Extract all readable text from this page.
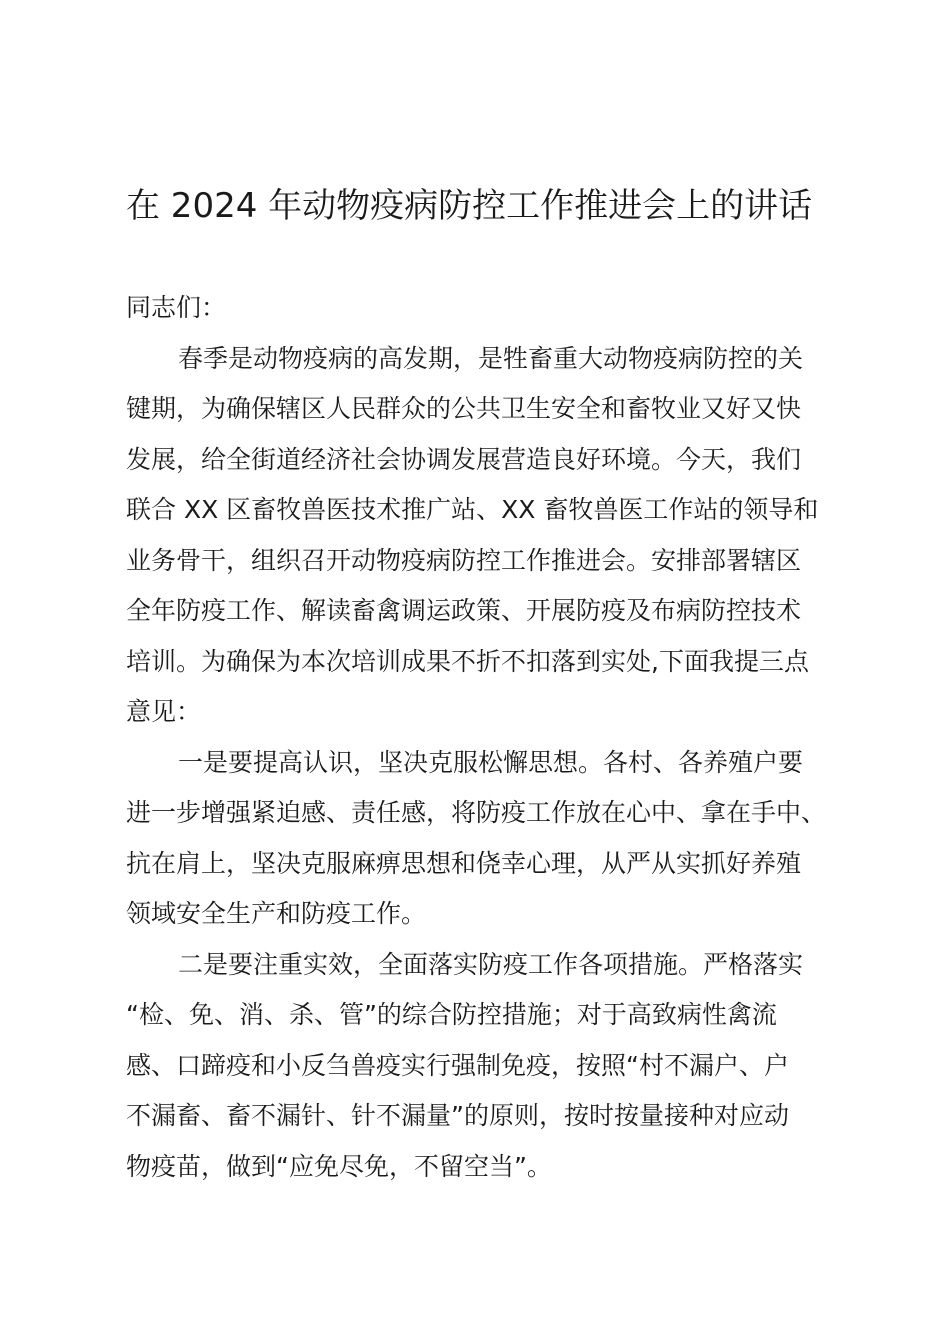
在 2024 年动物疫病防控工作推进会上的讲话

同志们：

春季是动物疫病的高发期，是牲畜重大动物疫病防控的关
键期，为确保辖区人民群众的公共卫生安全和畜牧业又好又快
发展，给全街道经济社会协调发展营造良好环境。今天，我们
联合 XX 区畜牧兽医技术推广站、XX 畜牧兽医工作站的领导和
业务骨干，组织召开动物疫病防控工作推进会。安排部署辖区
全年防疫工作、解读畜禽调运政策、开展防疫及布病防控技术
培训。为确保为本次培训成果不折不扣落到实处,下面我提三点
意见：

一是要提高认识，坚决克服松懈思想。各村、各养殖户要
进一步增强紧迫感、责任感，将防疫工作放在心中、拿在手中、
抗在肩上，坚决克服麻痹思想和侥幸心理，从严从实抓好养殖
领域安全生产和防疫工作。

二是要注重实效，全面落实防疫工作各项措施。严格落实
“检、免、消、杀、管”的综合防控措施；对于高致病性禽流
感、口蹄疫和小反刍兽疫实行强制免疫，按照“村不漏户、户
不漏畜、畜不漏针、针不漏量”的原则，按时按量接种对应动
物疫苗，做到“应免尽免，不留空当”。
